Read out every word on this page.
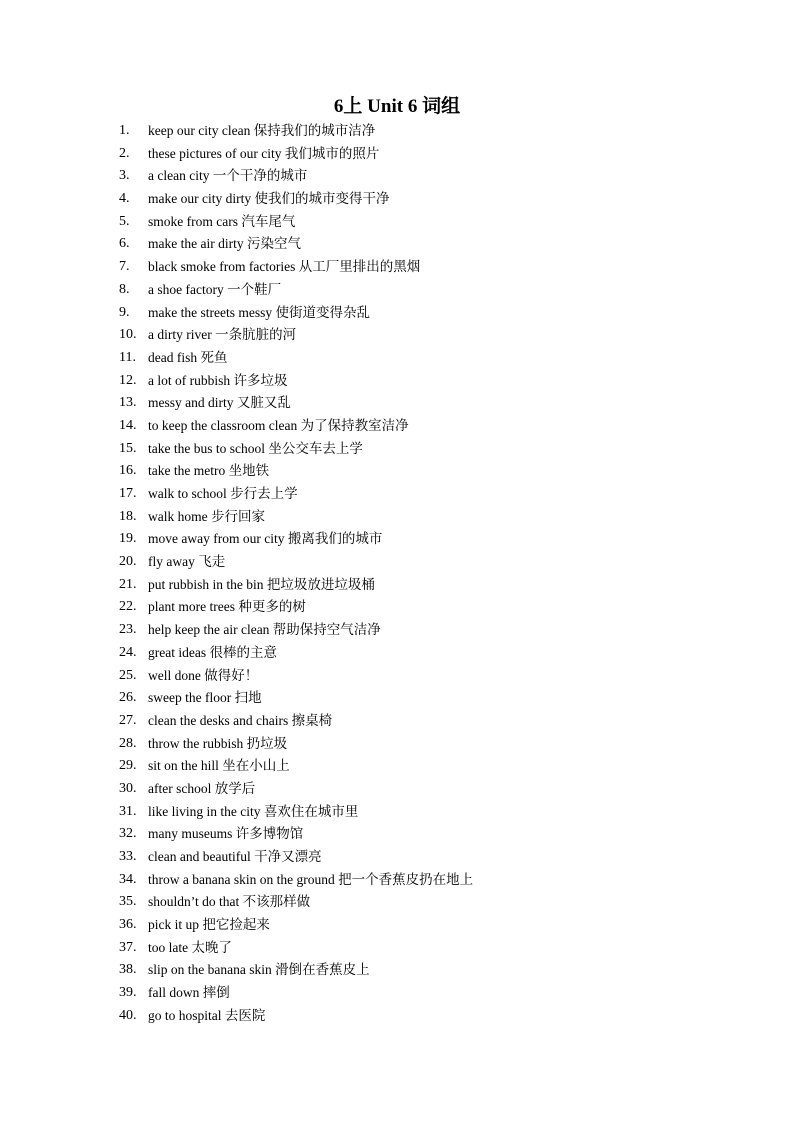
6上 Unit 6 词组
1.	keep our city clean 保持我们的城市洁净
2.	these pictures of our city 我们城市的照片
3.	a clean city 一个干净的城市
4.	make our city dirty 使我们的城市变得干净
5.	smoke from cars 汽车尾气
6.	make the air dirty 污染空气
7.	black smoke from factories 从工厂里排出的黑烟
8.	a shoe factory 一个鞋厂
9.	make the streets messy 使街道变得杂乱
10. a dirty river 一条肮脏的河
11. dead fish 死鱼
12. a lot of rubbish 许多垃圾
13. messy and dirty 又脏又乱
14. to keep the classroom clean 为了保持教室洁净
15. take the bus to school 坐公交车去上学
16. take the metro 坐地铁
17. walk to school 步行去上学
18. walk home 步行回家
19. move away from our city 搬离我们的城市
20. fly away 飞走
21. put rubbish in the bin 把垃圾放进垃圾桶
22. plant more trees 种更多的树
23. help keep the air clean 帮助保持空气洁净
24. great ideas 很棒的主意
25. well done 做得好！
26. sweep the floor 扫地
27. clean the desks and chairs 擦桌椅
28. throw the rubbish 扔垃圾
29. sit on the hill 坐在小山上
30. after school 放学后
31. like living in the city 喜欢住在城市里
32. many museums 许多博物馆
33. clean and beautiful 干净又漂亮
34. throw a banana skin on the ground 把一个香蕉皮扔在地上
35. shouldn’t do that 不该那样做
36. pick it up 把它捡起来
37. too late 太晚了
38. slip on the banana skin 滑倒在香蕉皮上
39. fall down 摔倒
40. go to hospital 去医院
